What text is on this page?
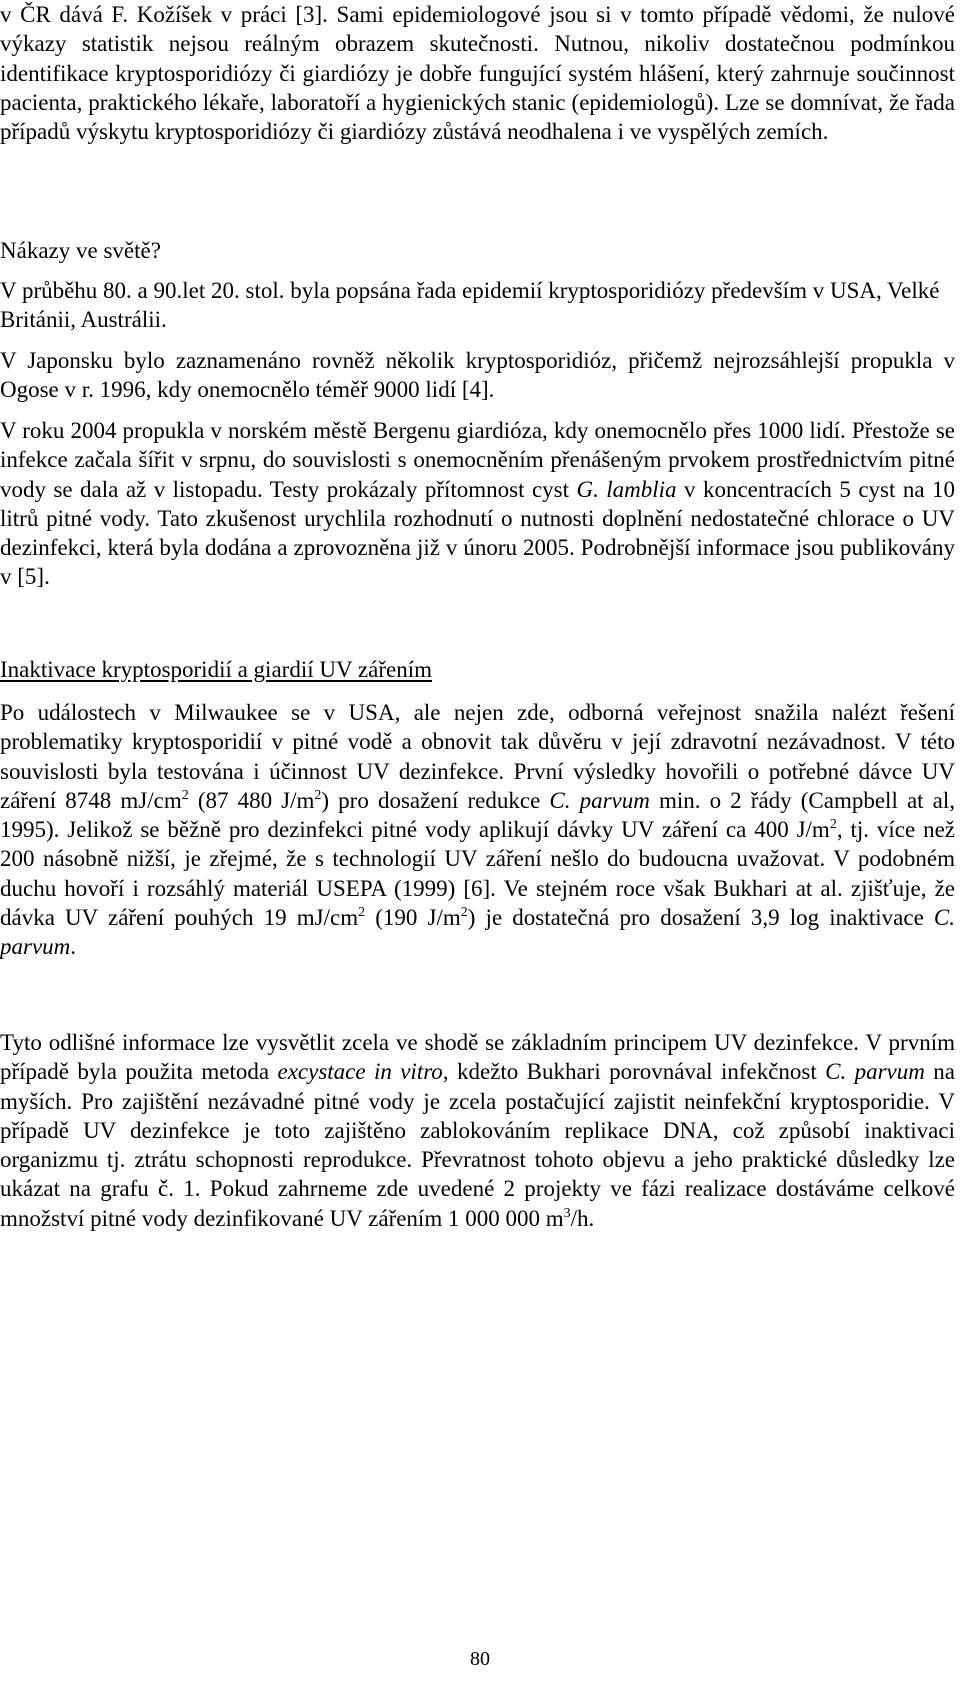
v ČR dává F. Kožíšek v práci [3]. Sami epidemiologové jsou si v tomto případě vědomi, že nulové výkazy statistik nejsou reálným obrazem skutečnosti. Nutnou, nikoliv dostatečnou podmínkou identifikace kryptosporidiózy či giardiózy je dobře fungující systém hlášení, který zahrnuje součinnost pacienta, praktického lékaře, laboratoří a hygienických stanic (epidemiologů). Lze se domnívat, že řada případů výskytu kryptosporidiózy či giardiózy zůstává neodhalena i ve vyspělých zemích.

Nákazy ve světě?

V průběhu 80. a 90.let 20. stol. byla popsána řada epidemií kryptosporidiózy především v USA, Velké Británii, Austrálii.

V Japonsku bylo zaznamenáno rovněž několik kryptosporidióz, přičemž nejrozsáhlejší propukla v Ogose v r. 1996, kdy onemocnělo téměř 9000 lidí [4].

V roku 2004 propukla v norském městě Bergenu giardióza, kdy onemocnělo přes 1000 lidí. Přestože se infekce začala šířit v srpnu, do souvislosti s onemocněním přenášeným prvokem prostřednictvím pitné vody se dala až v listopadu. Testy prokázaly přítomnost cyst G. lamblia v koncentracích 5 cyst na 10 litrů pitné vody. Tato zkušenost urychlila rozhodnutí o nutnosti doplnění nedostatečné chlorace o UV dezinfekci, která byla dodána a zprovozněna již v únoru 2005. Podrobnější informace jsou publikovány v [5].

Inaktivace kryptosporidií a giardií UV zářením

Po událostech v Milwaukee se v USA, ale nejen zde, odborná veřejnost snažila nalézt řešení problematiky kryptosporidií v pitné vodě a obnovit tak důvěru v její zdravotní nezávadnost. V této souvislosti byla testována i účinnost UV dezinfekce. První výsledky hovořili o potřebné dávce UV záření 8748 $mJ/cm^2$ (87 480 $J/m^2$) pro dosažení redukce C. parvum min. o 2 řády (Campbell at al, 1995). Jelikož se běžně pro dezinfekci pitné vody aplikují dávky UV záření ca 400 $J/m^2$, tj. více než 200 násobně nižší, je zřejmé, že s technologií UV záření nešlo do budoucna uvažovat. V podobném duchu hovoří i rozsáhlý materiál USEPA (1999) [6]. Ve stejném roce však Bukhari at al. zjišťuje, že dávka UV záření pouhých 19 $mJ/cm^2$ (190 $J/m^2$) je dostatečná pro dosažení 3,9 log inaktivace C. parvum.

Tyto odlišné informace lze vysvětlit zcela ve shodě se základním principem UV dezinfekce. V prvním případě byla použita metoda excystace in vitro, kdežto Bukhari porovnával infekčnost C. parvum na myších. Pro zajištění nezávadné pitné vody je zcela postačující zajistit neinfekční kryptosporidie. V případě UV dezinfekce je toto zajištěno zablokováním replikace DNA, což způsobí inaktivaci organizmu tj. ztrátu schopnosti reprodukce. Převratnost tohoto objevu a jeho praktické důsledky lze ukázat na grafu č. 1. Pokud zahrneme zde uvedené 2 projekty ve fázi realizace dostáváme celkové množství pitné vody dezinfikované UV zářením 1 000 000 $m^3/h$.

80
